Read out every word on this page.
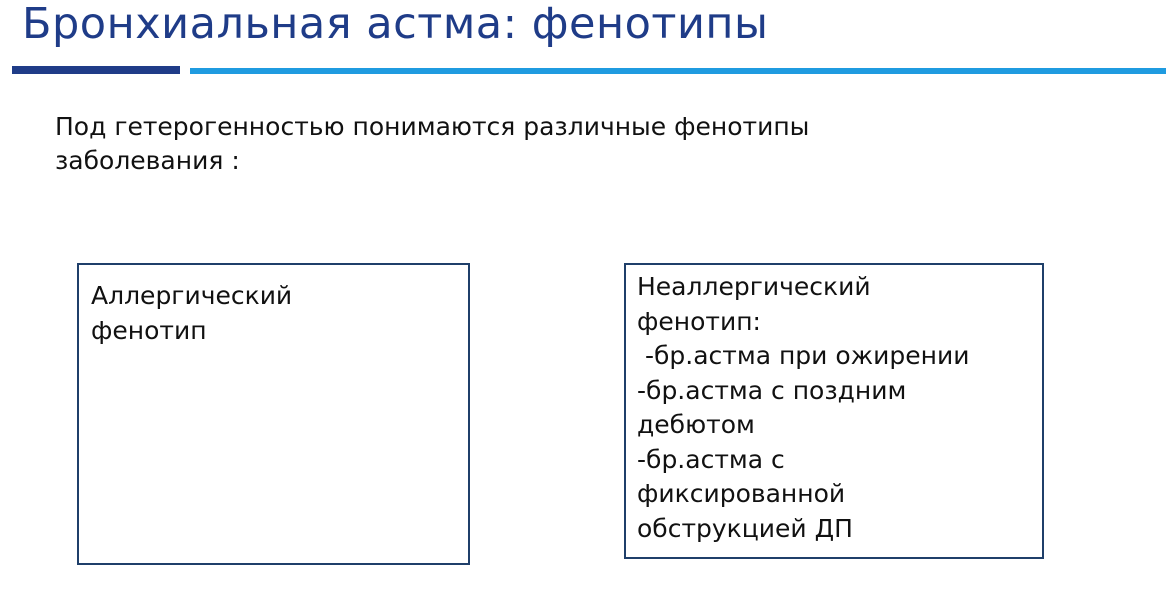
Бронхиальная астма: фенотипы

Под гетерогенностью понимаются различные фенотипы
заболевания :

Аллергический
фенотип

Неаллергический
фенотип:
-бр.астма при ожирении
-бр.астма с поздним
дебютом
-бр.астма с
фиксированной
обструкцией ДП
